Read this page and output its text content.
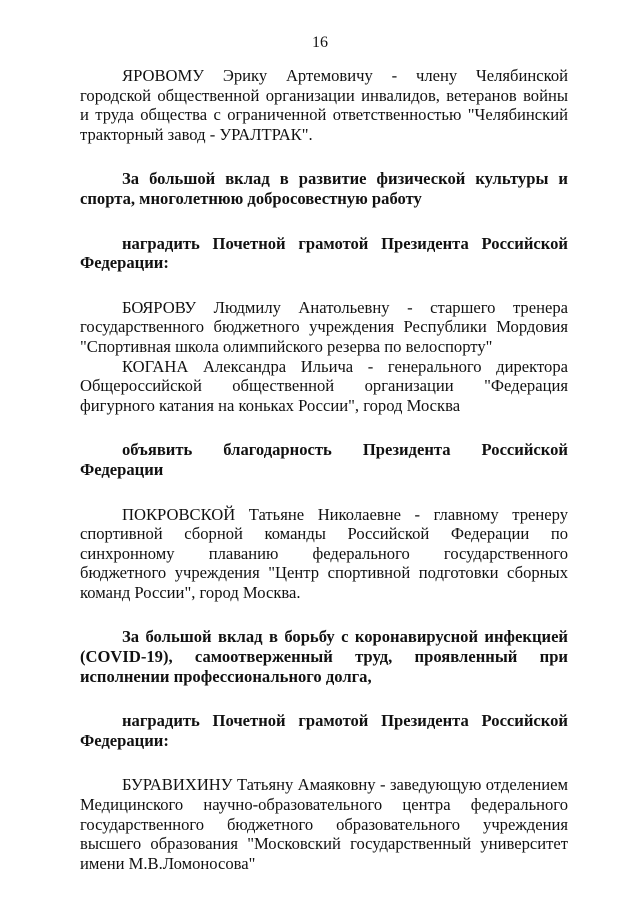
16

ЯРОВОМУ Эрику Артемовичу - члену Челябинской городской общественной организации инвалидов, ветеранов войны и труда общества с ограниченной ответственностью "Челябинский тракторный завод - УРАЛТРАК".

За большой вклад в развитие физической культуры и спорта, многолетнюю добросовестную работу

наградить Почетной грамотой Президента Российской Федерации:

БОЯРОВУ Людмилу Анатольевну - старшего тренера государственного бюджетного учреждения Республики Мордовия "Спортивная школа олимпийского резерва по велоспорту"

КОГАНА Александра Ильича - генерального директора Общероссийской общественной организации "Федерация фигурного катания на коньках России", город Москва

объявить благодарность Президента Российской Федерации

ПОКРОВСКОЙ Татьяне Николаевне - главному тренеру спортивной сборной команды Российской Федерации по синхронному плаванию федерального государственного бюджетного учреждения "Центр спортивной подготовки сборных команд России", город Москва.

За большой вклад в борьбу с коронавирусной инфекцией (COVID-19), самоотверженный труд, проявленный при исполнении профессионального долга,

наградить Почетной грамотой Президента Российской Федерации:

БУРАВИХИНУ Татьяну Амаяковну - заведующую отделением Медицинского научно-образовательного центра федерального государственного бюджетного образовательного учреждения высшего образования "Московский государственный университет имени М.В.Ломоносова"
